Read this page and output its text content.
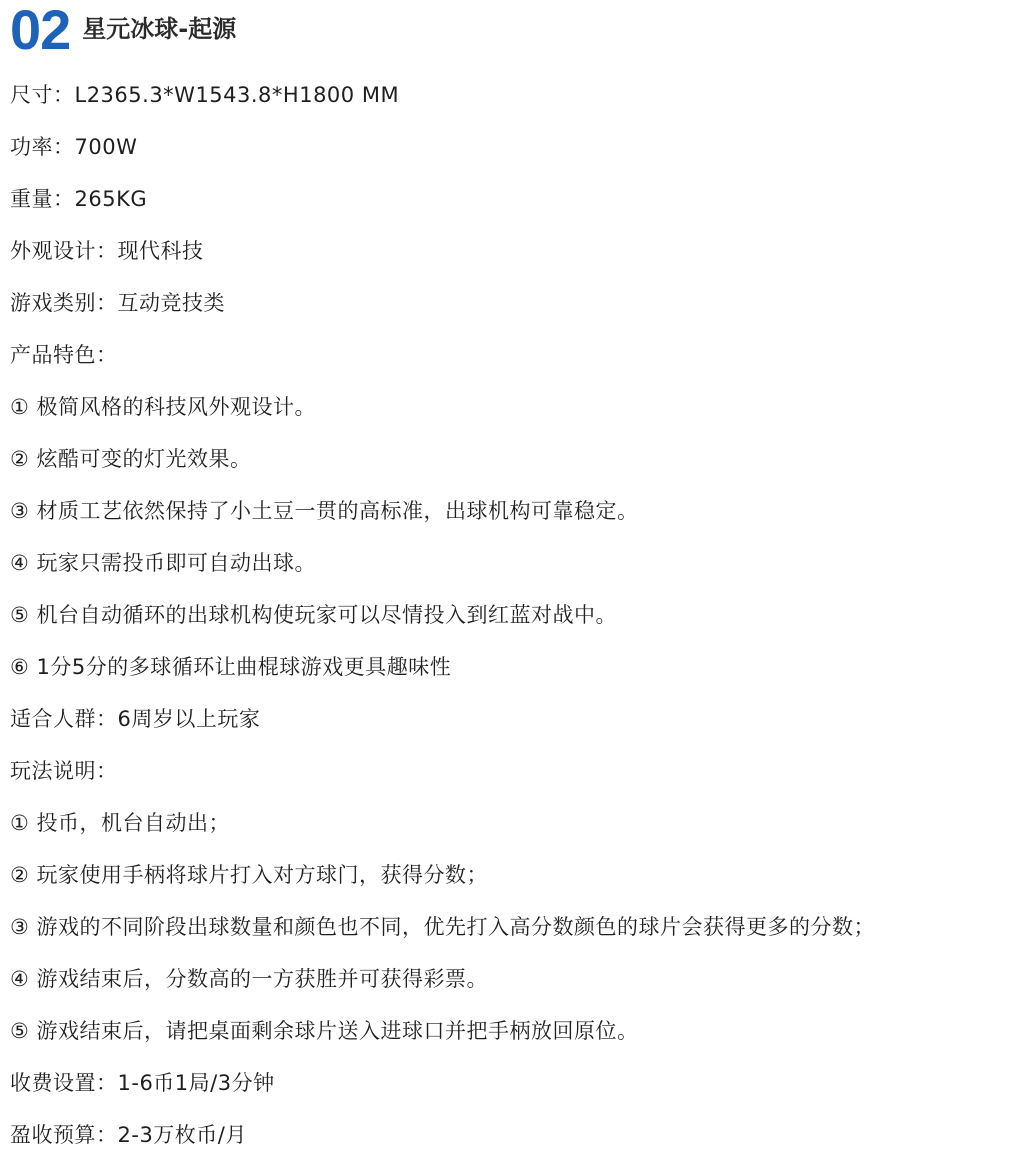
02 星元冰球-起源
尺寸：L2365.3*W1543.8*H1800 MM
功率：700W
重量：265KG
外观设计：现代科技
游戏类别：互动竞技类
产品特色：
① 极简风格的科技风外观设计。
② 炫酷可变的灯光效果。
③ 材质工艺依然保持了小土豆一贯的高标准，出球机构可靠稳定。
④ 玩家只需投币即可自动出球。
⑤ 机台自动循环的出球机构使玩家可以尽情投入到红蓝对战中。
⑥ 1分5分的多球循环让曲棍球游戏更具趣味性
适合人群：6周岁以上玩家
玩法说明：
① 投币，机台自动出；
② 玩家使用手柄将球片打入对方球门，获得分数；
③ 游戏的不同阶段出球数量和颜色也不同，优先打入高分数颜色的球片会获得更多的分数；
④ 游戏结束后，分数高的一方获胜并可获得彩票。
⑤ 游戏结束后，请把桌面剩余球片送入进球口并把手柄放回原位。
收费设置：1-6币1局/3分钟
盈收预算：2-3万枚币/月
